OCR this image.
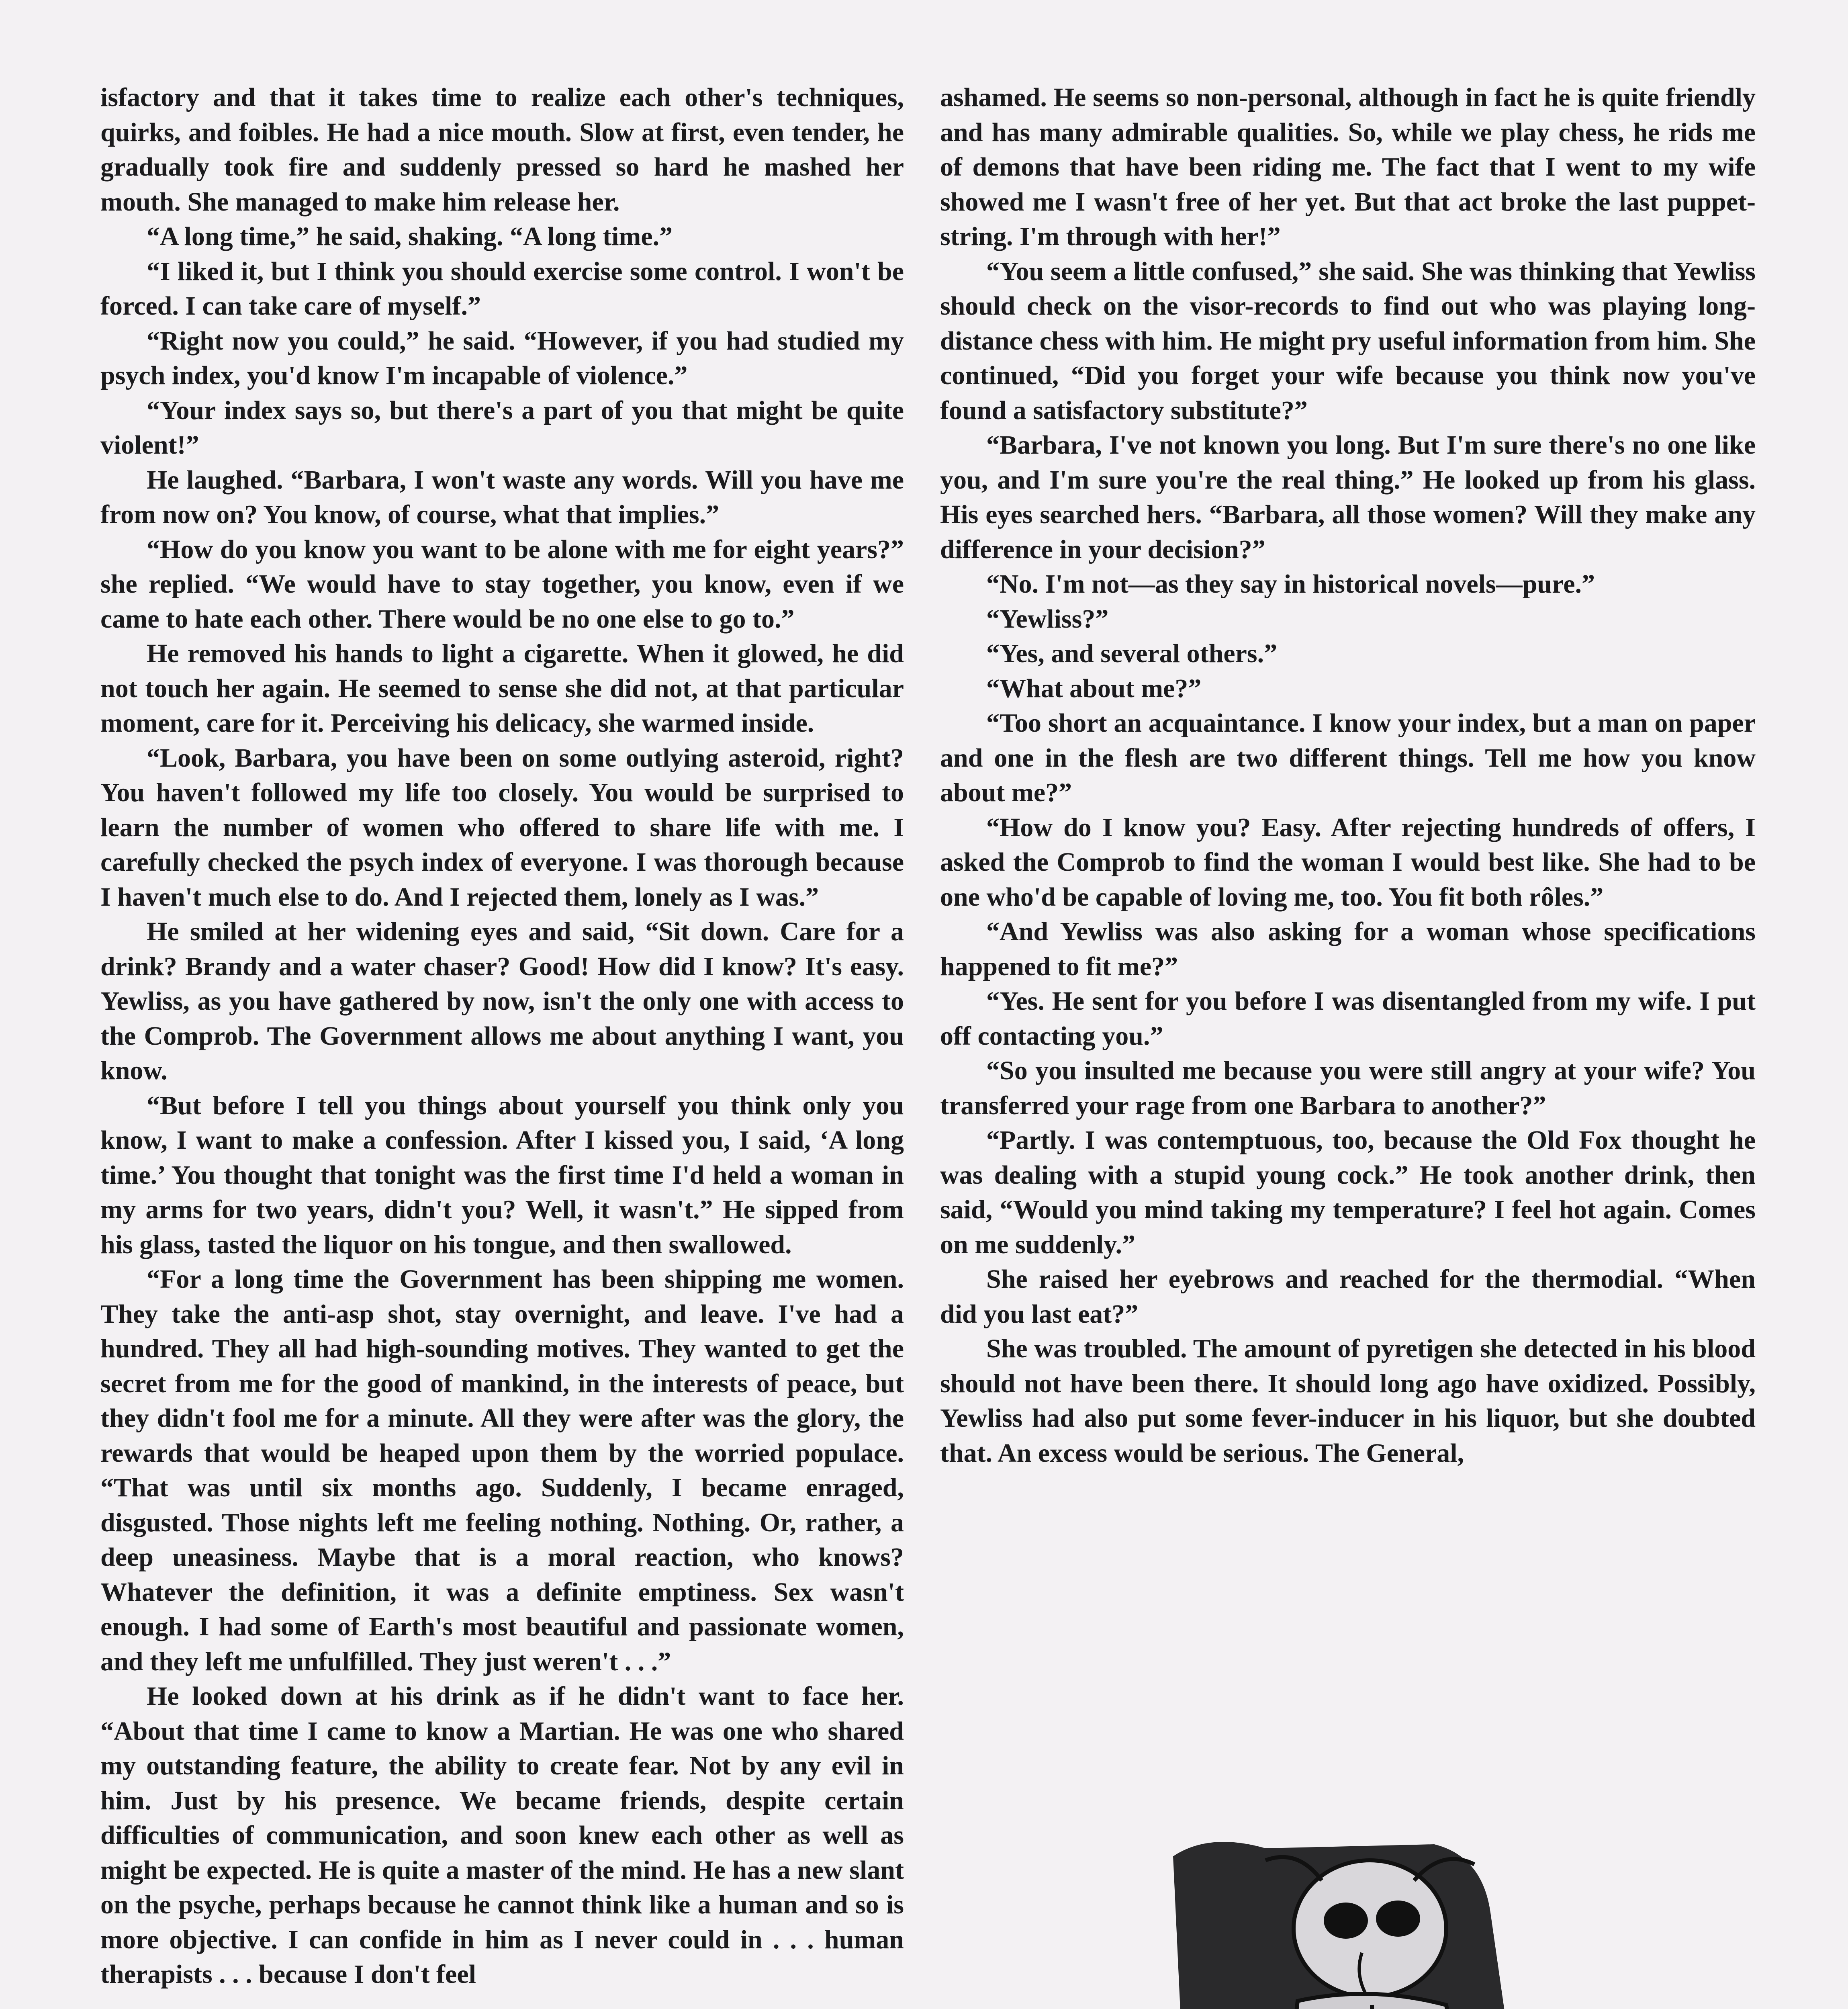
isfactory and that it takes time to realize each other's techniques, quirks, and foibles. He had a nice mouth. Slow at first, even tender, he gradually took fire and suddenly pressed so hard he mashed her mouth. She managed to make him release her.

“A long time,” he said, shaking. “A long time.”

“I liked it, but I think you should exercise some control. I won't be forced. I can take care of myself.”

“Right now you could,” he said. “However, if you had studied my psych index, you'd know I'm incapable of violence.”

“Your index says so, but there's a part of you that might be quite violent!”

He laughed. “Barbara, I won't waste any words. Will you have me from now on? You know, of course, what that implies.”

“How do you know you want to be alone with me for eight years?” she replied. “We would have to stay together, you know, even if we came to hate each other. There would be no one else to go to.”

He removed his hands to light a cigarette. When it glowed, he did not touch her again. He seemed to sense she did not, at that particular moment, care for it. Perceiving his delicacy, she warmed inside.

“Look, Barbara, you have been on some outlying asteroid, right? You haven't followed my life too closely. You would be surprised to learn the number of women who offered to share life with me. I carefully checked the psych index of everyone. I was thorough because I haven't much else to do. And I rejected them, lonely as I was.”

He smiled at her widening eyes and said, “Sit down. Care for a drink? Brandy and a water chaser? Good! How did I know? It's easy. Yewliss, as you have gathered by now, isn't the only one with access to the Comprob. The Government allows me about anything I want, you know.

“But before I tell you things about yourself you think only you know, I want to make a confession. After I kissed you, I said, ‘A long time.’ You thought that tonight was the first time I'd held a woman in my arms for two years, didn't you? Well, it wasn't.” He sipped from his glass, tasted the liquor on his tongue, and then swallowed.

“For a long time the Government has been shipping me women. They take the anti-asp shot, stay overnight, and leave. I've had a hundred. They all had high-sounding motives. They wanted to get the secret from me for the good of mankind, in the interests of peace, but they didn't fool me for a minute. All they were after was the glory, the rewards that would be heaped upon them by the worried populace. “That was until six months ago. Suddenly, I became enraged, disgusted. Those nights left me feeling nothing. Nothing. Or, rather, a deep uneasiness. Maybe that is a moral reaction, who knows? Whatever the definition, it was a definite emptiness. Sex wasn't enough. I had some of Earth's most beautiful and passionate women, and they left me unfulfilled. They just weren't . . .”

He looked down at his drink as if he didn't want to face her. “About that time I came to know a Martian. He was one who shared my outstanding feature, the ability to create fear. Not by any evil in him. Just by his presence. We became friends, despite certain difficulties of communication, and soon knew each other as well as might be expected. He is quite a master of the mind. He has a new slant on the psyche, perhaps because he cannot think like a human and so is more objective. I can confide in him as I never could in . . . human therapists . . . because I don't feel

ashamed. He seems so non-personal, although in fact he is quite friendly and has many admirable qualities. So, while we play chess, he rids me of demons that have been riding me. The fact that I went to my wife showed me I wasn't free of her yet. But that act broke the last puppet-string. I'm through with her!”

“You seem a little confused,” she said. She was thinking that Yewliss should check on the visor-records to find out who was playing long-distance chess with him. He might pry useful information from him. She continued, “Did you forget your wife because you think now you've found a satisfactory substitute?”

“Barbara, I've not known you long. But I'm sure there's no one like you, and I'm sure you're the real thing.” He looked up from his glass. His eyes searched hers. “Barbara, all those women? Will they make any difference in your decision?”

“No. I'm not—as they say in historical novels—pure.”

“Yewliss?”

“Yes, and several others.”

“What about me?”

“Too short an acquaintance. I know your index, but a man on paper and one in the flesh are two different things. Tell me how you know about me?”

“How do I know you? Easy. After rejecting hundreds of offers, I asked the Comprob to find the woman I would best like. She had to be one who'd be capable of loving me, too. You fit both rôles.”

“And Yewliss was also asking for a woman whose specifications happened to fit me?”

“Yes. He sent for you before I was disentangled from my wife. I put off contacting you.”

“So you insulted me because you were still angry at your wife? You transferred your rage from one Barbara to another?”

“Partly. I was contemptuous, too, because the Old Fox thought he was dealing with a stupid young cock.” He took another drink, then said, “Would you mind taking my temperature? I feel hot again. Comes on me suddenly.”

She raised her eyebrows and reached for the thermodial. “When did you last eat?”

She was troubled. The amount of pyretigen she detected in his blood should not have been there. It should long ago have oxidized. Possibly, Yewliss had also put some fever-inducer in his liquor, but she doubted that. An excess would be serious. The General,
